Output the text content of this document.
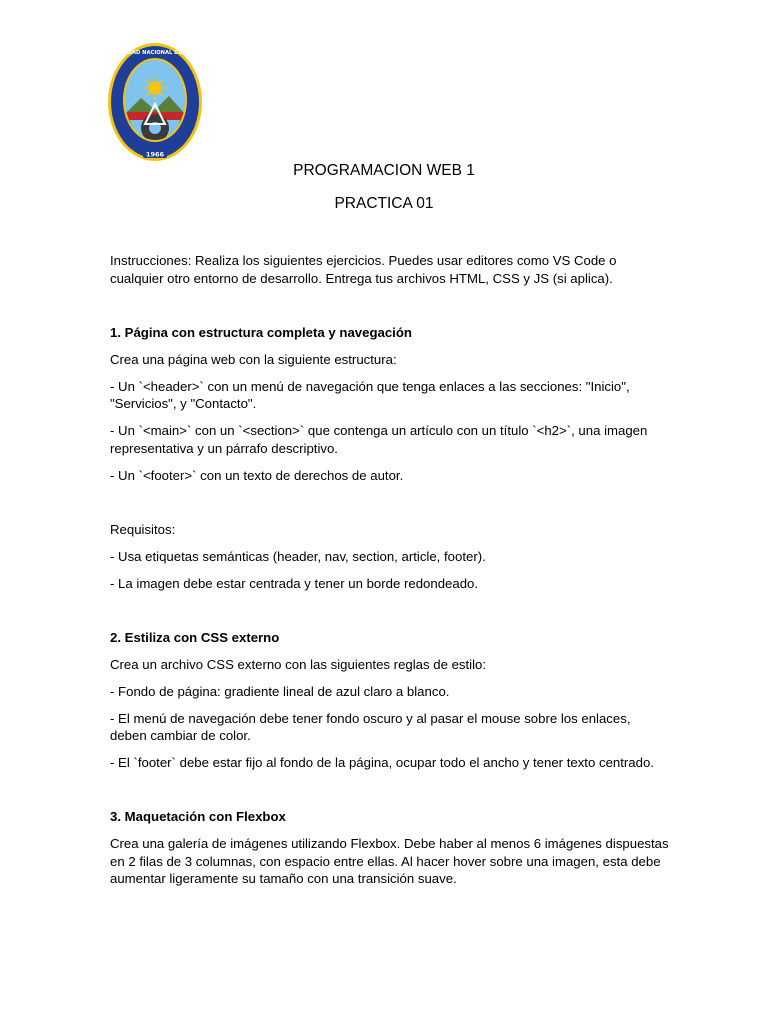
UNIVERSIDAD NACIONAL DEL CALLAO
1966
PROGRAMACION WEB 1
PRACTICA 01

Instrucciones: Realiza los siguientes ejercicios. Puedes usar editores como VS Code o cualquier otro entorno de desarrollo. Entrega tus archivos HTML, CSS y JS (si aplica).

1. Página con estructura completa y navegación

Crea una página web con la siguiente estructura:

- Un `<header>` con un menú de navegación que tenga enlaces a las secciones: "Inicio", "Servicios", y "Contacto".

- Un `<main>` con un `<section>` que contenga un artículo con un título `<h2>`, una imagen representativa y un párrafo descriptivo.

- Un `<footer>` con un texto de derechos de autor.

Requisitos:

- Usa etiquetas semánticas (header, nav, section, article, footer).

- La imagen debe estar centrada y tener un borde redondeado.

2. Estiliza con CSS externo

Crea un archivo CSS externo con las siguientes reglas de estilo:

- Fondo de página: gradiente lineal de azul claro a blanco.

- El menú de navegación debe tener fondo oscuro y al pasar el mouse sobre los enlaces, deben cambiar de color.

- El `footer` debe estar fijo al fondo de la página, ocupar todo el ancho y tener texto centrado.

3. Maquetación con Flexbox

Crea una galería de imágenes utilizando Flexbox. Debe haber al menos 6 imágenes dispuestas en 2 filas de 3 columnas, con espacio entre ellas. Al hacer hover sobre una imagen, esta debe aumentar ligeramente su tamaño con una transición suave.
